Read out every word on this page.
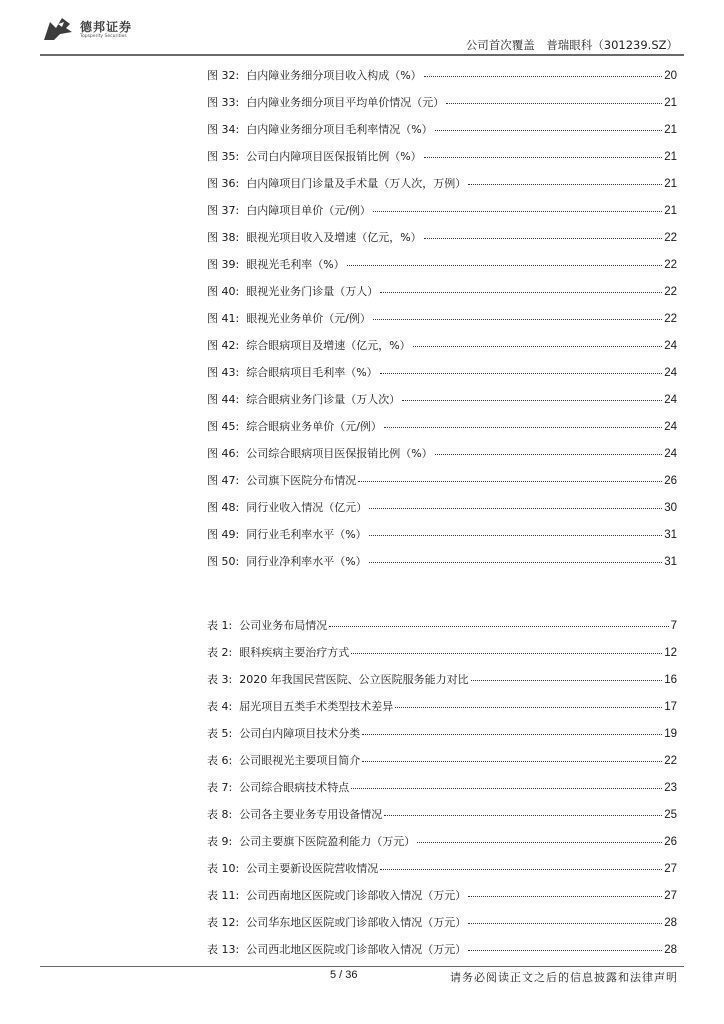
德邦证券
Topsperity Securities
公司首次覆盖　普瑞眼科（301239.SZ）
图 32:  白内障业务细分项目收入构成（%）	20
图 33:  白内障业务细分项目平均单价情况（元）	21
图 34:  白内障业务细分项目毛利率情况（%）	21
图 35:  公司白内障项目医保报销比例（%）	21
图 36:  白内障项目门诊量及手术量（万人次，万例）	21
图 37:  白内障项目单价（元/例）	21
图 38:  眼视光项目收入及增速（亿元，%）	22
图 39:  眼视光毛利率（%）	22
图 40:  眼视光业务门诊量（万人）	22
图 41:  眼视光业务单价（元/例）	22
图 42:  综合眼病项目及增速（亿元，%）	24
图 43:  综合眼病项目毛利率（%）	24
图 44:  综合眼病业务门诊量（万人次）	24
图 45:  综合眼病业务单价（元/例）	24
图 46:  公司综合眼病项目医保报销比例（%）	24
图 47:  公司旗下医院分布情况	26
图 48:  同行业收入情况（亿元）	30
图 49:  同行业毛利率水平（%）	31
图 50:  同行业净利率水平（%）	31
表 1:  公司业务布局情况	7
表 2:  眼科疾病主要治疗方式	12
表 3:  2020 年我国民营医院、公立医院服务能力对比	16
表 4:  屈光项目五类手术类型技术差异	17
表 5:  公司白内障项目技术分类	19
表 6:  公司眼视光主要项目简介	22
表 7:  公司综合眼病技术特点	23
表 8:  公司各主要业务专用设备情况	25
表 9:  公司主要旗下医院盈利能力（万元）	26
表 10:  公司主要新设医院营收情况	27
表 11:  公司西南地区医院或门诊部收入情况（万元）	27
表 12:  公司华东地区医院或门诊部收入情况（万元）	28
表 13:  公司西北地区医院或门诊部收入情况（万元）	28
5 / 36	请务必阅读正文之后的信息披露和法律声明
